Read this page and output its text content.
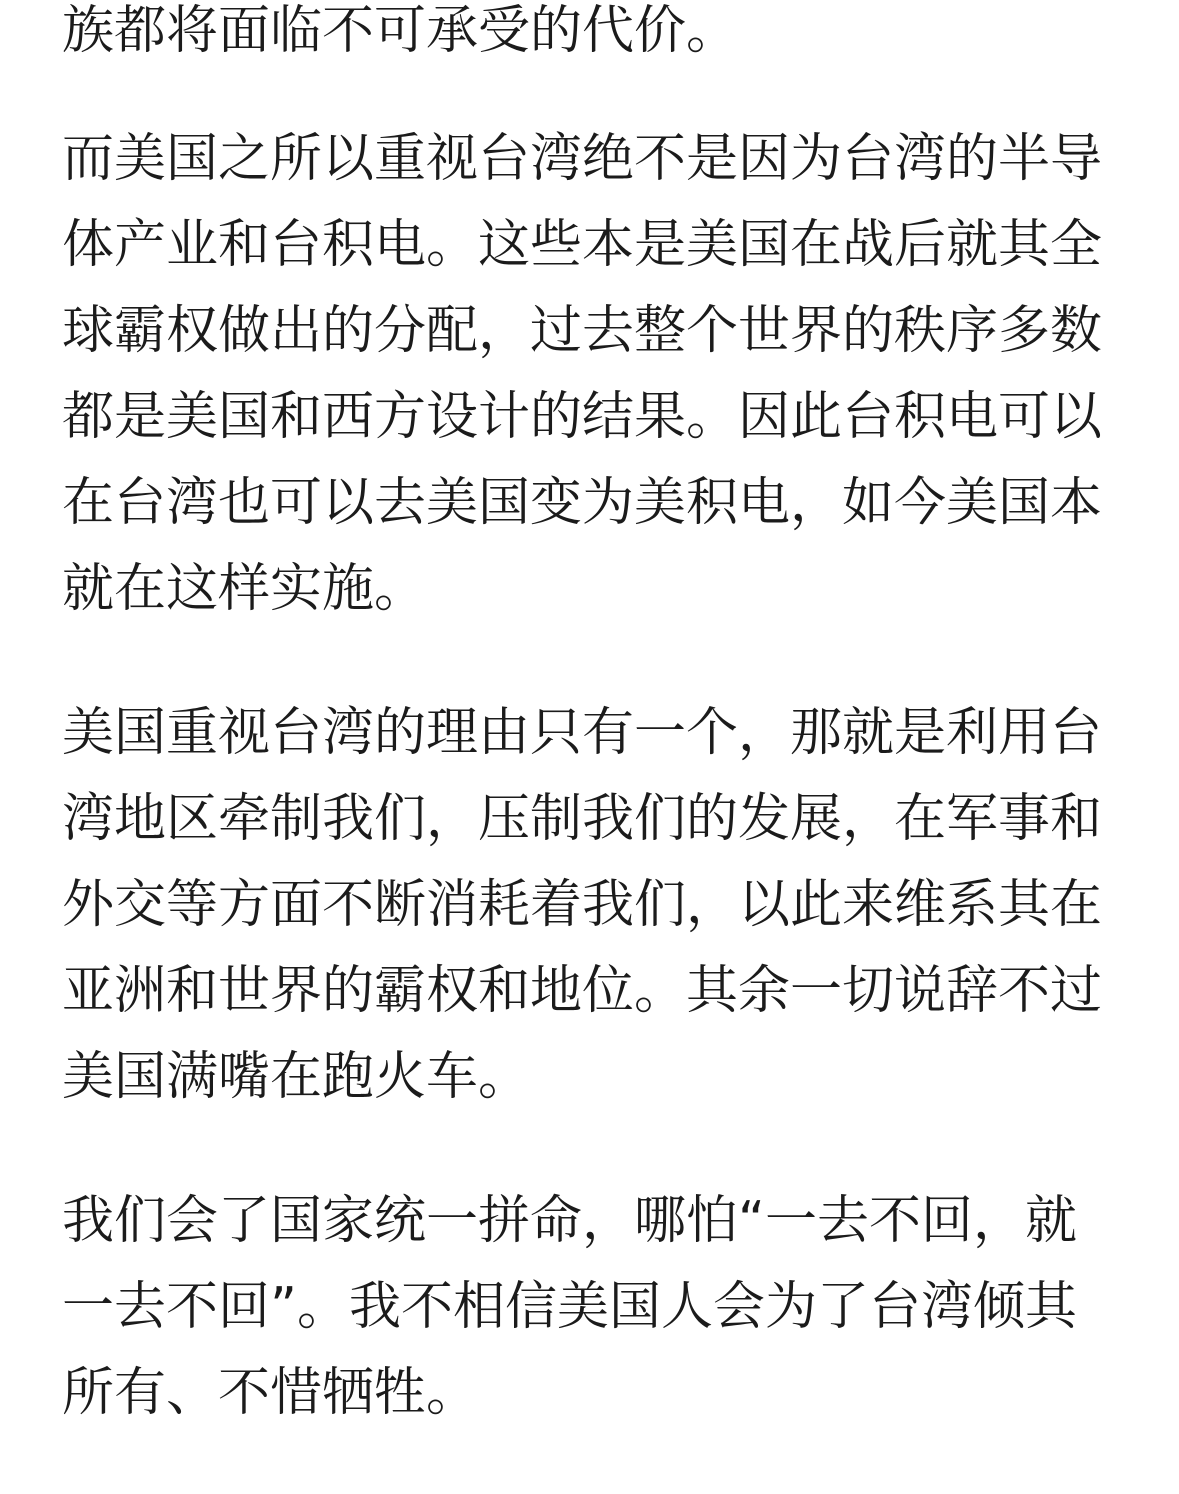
族都将面临不可承受的代价。

而美国之所以重视台湾绝不是因为台湾的半导体产业和台积电。这些本是美国在战后就其全球霸权做出的分配，过去整个世界的秩序多数都是美国和西方设计的结果。因此台积电可以在台湾也可以去美国变为美积电，如今美国本就在这样实施。

美国重视台湾的理由只有一个，那就是利用台湾地区牵制我们，压制我们的发展，在军事和外交等方面不断消耗着我们，以此来维系其在亚洲和世界的霸权和地位。其余一切说辞不过美国满嘴在跑火车。

我们会了国家统一拼命，哪怕“一去不回，就一去不回”。我不相信美国人会为了台湾倾其所有、不惜牺牲。
